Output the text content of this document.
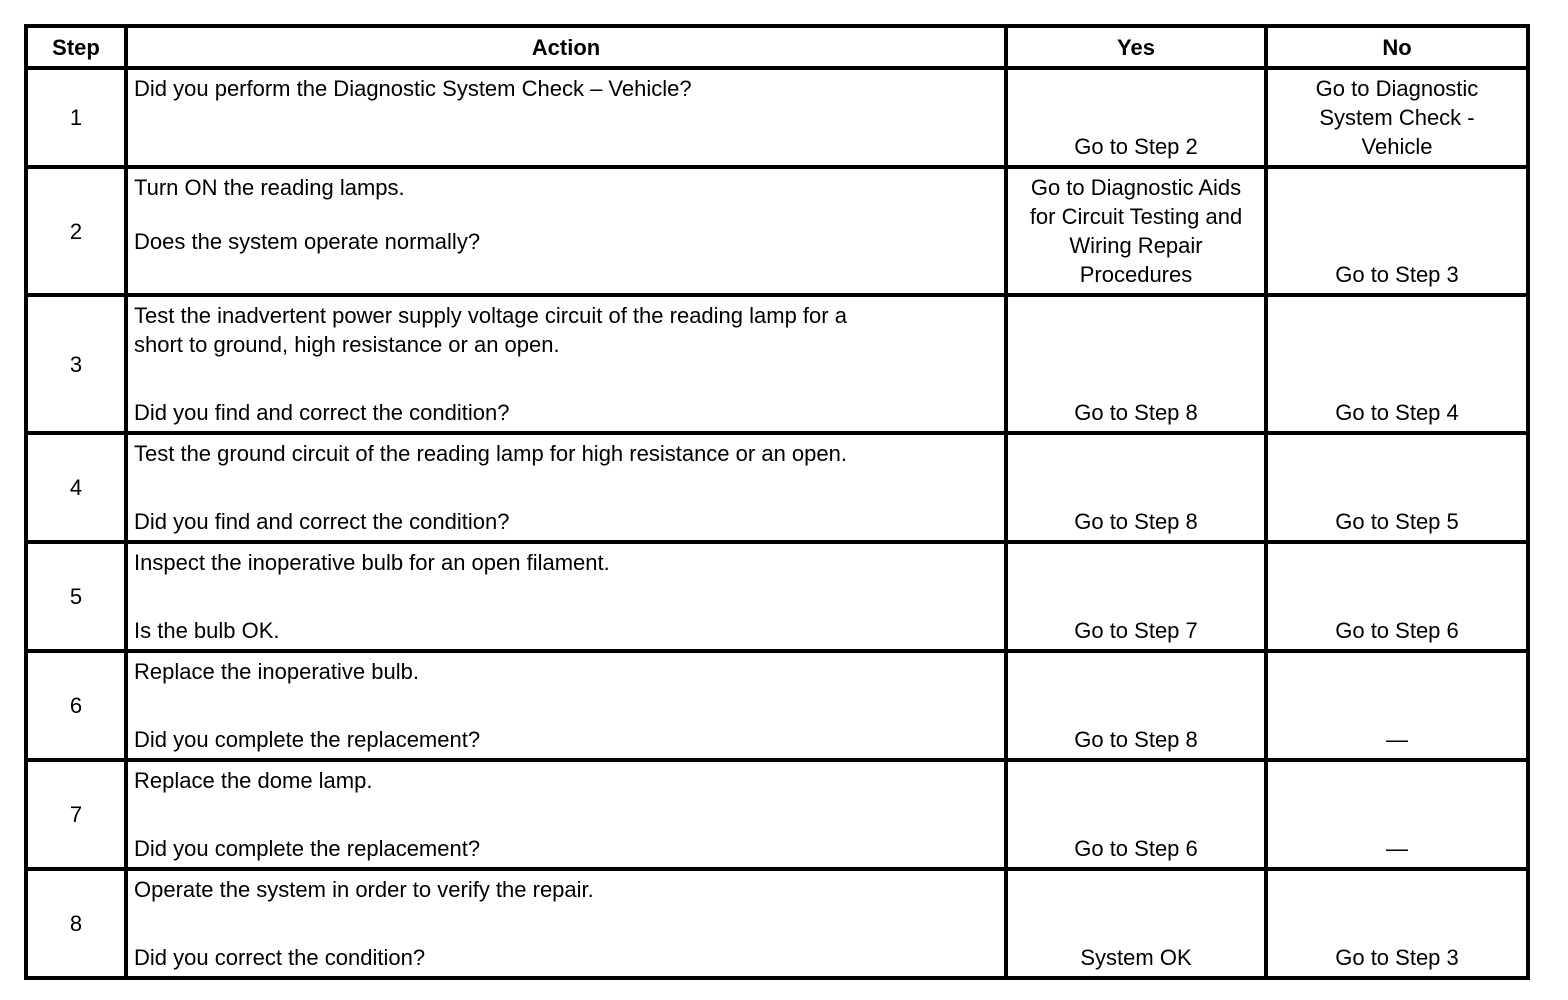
Step	Action	Yes	No
1	Did you perform the Diagnostic System Check – Vehicle?	Go to Step 2	Go to Diagnostic
System Check -
Vehicle

2	Turn ON the reading lamps.
Does the system operate normally?	Go to Diagnostic Aids
for Circuit Testing and
Wiring Repair
Procedures	Go to Step 3
3	Test the inadvertent power supply voltage circuit of the reading lamp for a
short to ground, high resistance or an open.
Did you find and correct the condition?	Go to Step 8	Go to Step 4
4	Test the ground circuit of the reading lamp for high resistance or an open.
Did you find and correct the condition?	Go to Step 8	Go to Step 5
5	Inspect the inoperative bulb for an open filament.
Is the bulb OK.	Go to Step 7	Go to Step 6
6	Replace the inoperative bulb.
Did you complete the replacement?	Go to Step 8	—
7	Replace the dome lamp.
Did you complete the replacement?	Go to Step 6	—
8	Operate the system in order to verify the repair.
Did you correct the condition?	System OK	Go to Step 3
